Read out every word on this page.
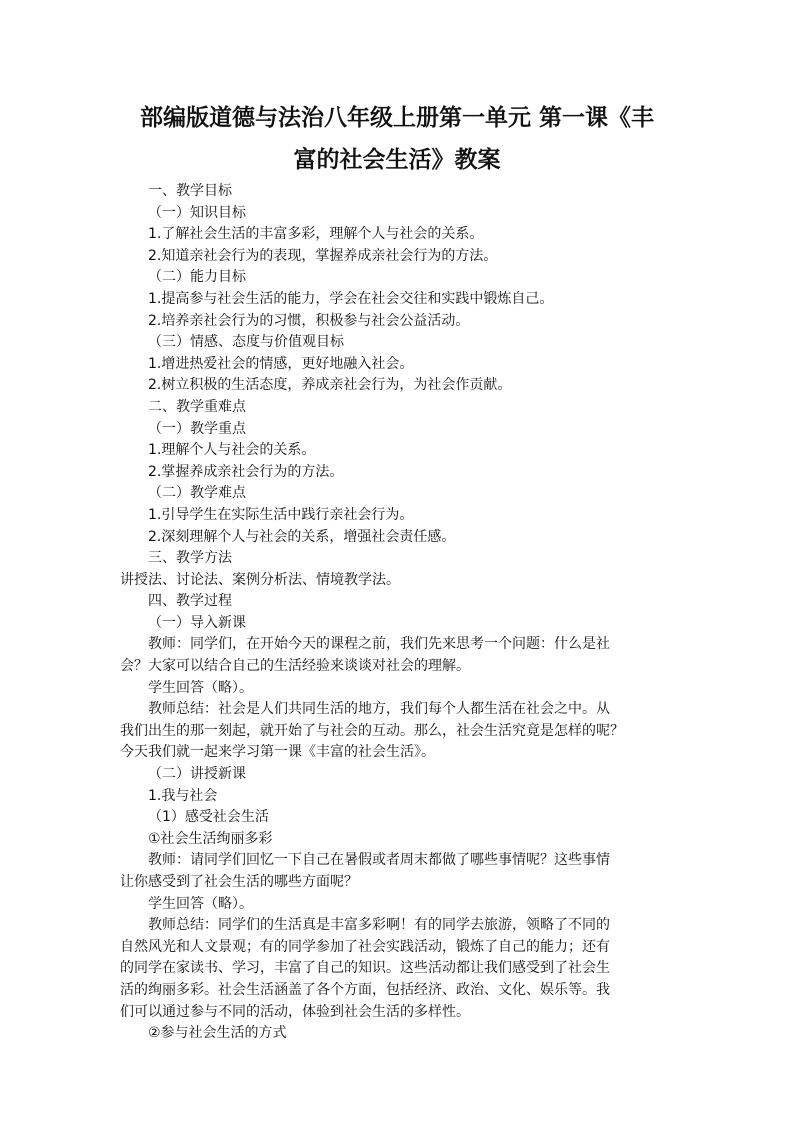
部编版道德与法治八年级上册第一单元 第一课《丰
富的社会生活》教案

一、教学目标

（一）知识目标

1.了解社会生活的丰富多彩，理解个人与社会的关系。

2.知道亲社会行为的表现，掌握养成亲社会行为的方法。

（二）能力目标

1.提高参与社会生活的能力，学会在社会交往和实践中锻炼自己。

2.培养亲社会行为的习惯，积极参与社会公益活动。

（三）情感、态度与价值观目标

1.增进热爱社会的情感，更好地融入社会。

2.树立积极的生活态度，养成亲社会行为，为社会作贡献。

二、教学重难点

（一）教学重点

1.理解个人与社会的关系。

2.掌握养成亲社会行为的方法。

（二）教学难点

1.引导学生在实际生活中践行亲社会行为。

2.深刻理解个人与社会的关系，增强社会责任感。

三、教学方法

讲授法、讨论法、案例分析法、情境教学法。

四、教学过程

（一）导入新课

教师：同学们，在开始今天的课程之前，我们先来思考一个问题：什么是社

会？大家可以结合自己的生活经验来谈谈对社会的理解。

学生回答（略）。

教师总结：社会是人们共同生活的地方，我们每个人都生活在社会之中。从

我们出生的那一刻起，就开始了与社会的互动。那么，社会生活究竟是怎样的呢？

今天我们就一起来学习第一课《丰富的社会生活》。

（二）讲授新课

1.我与社会

（1）感受社会生活

①社会生活绚丽多彩

教师：请同学们回忆一下自己在暑假或者周末都做了哪些事情呢？这些事情

让你感受到了社会生活的哪些方面呢？

学生回答（略）。

教师总结：同学们的生活真是丰富多彩啊！有的同学去旅游，领略了不同的

自然风光和人文景观；有的同学参加了社会实践活动，锻炼了自己的能力；还有

的同学在家读书、学习，丰富了自己的知识。这些活动都让我们感受到了社会生

活的绚丽多彩。社会生活涵盖了各个方面，包括经济、政治、文化、娱乐等。我

们可以通过参与不同的活动，体验到社会生活的多样性。

②参与社会生活的方式
